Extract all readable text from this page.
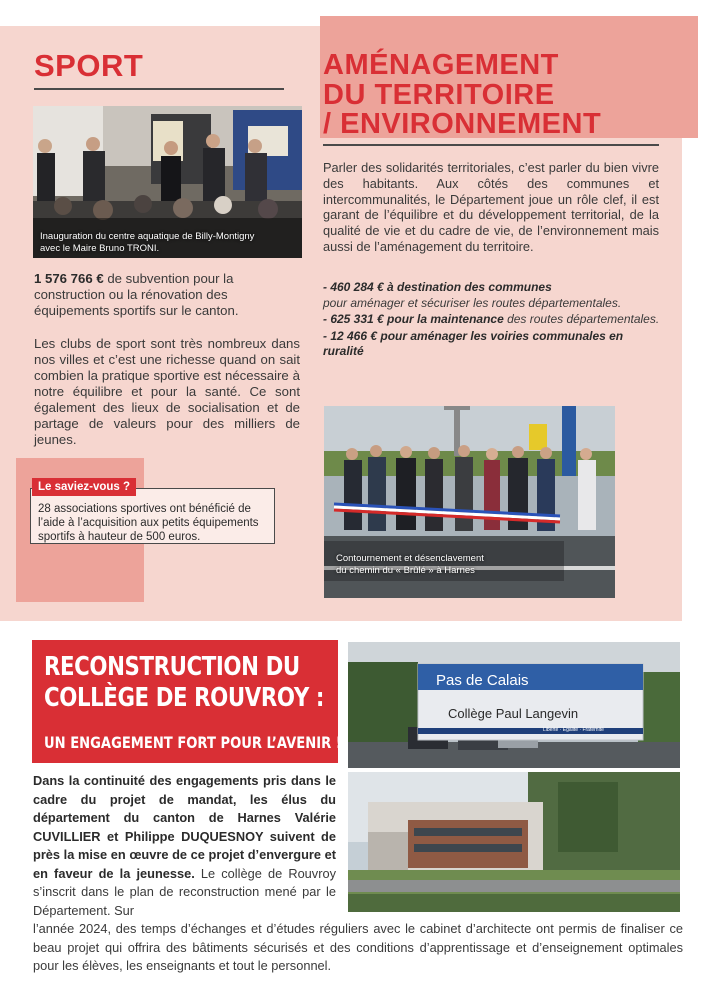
SPORT
Inauguration du centre aquatique de Billy-Montigny
avec le Maire Bruno TRONI.

1 576 766 € de subvention pour la construction ou la rénovation des équipements sportifs sur le canton.

Les clubs de sport sont très nombreux dans nos villes et c’est une richesse quand on sait combien la pratique sportive est nécessaire à notre équilibre et pour la santé. Ce sont également des lieux de socialisation et de partage de valeurs pour des milliers de jeunes.

Le saviez-vous ?
28 associations sportives ont bénéficié de l’aide à l’acquisition aux petits équipements sportifs à hauteur de 500 euros.
AMÉNAGEMENT
DU TERRITOIRE
/ ENVIRONNEMENT

Parler des solidarités territoriales, c’est parler du bien vivre des habitants. Aux côtés des communes et intercommunalités, le Département joue un rôle clef, il est garant de l’équilibre et du développement territorial, de la qualité de vie et du cadre de vie, de l’environnement mais aussi de l’aménagement du territoire.

- 460 284 € à destination des communes
pour aménager et sécuriser les routes départementales.
- 625 331 € pour la maintenance des routes départementales.
- 12 466 € pour aménager les voiries communales en ruralité
Contournement et désenclavement
du chemin du « Brûlé » à Harnes
RECONSTRUCTION DU
COLLÈGE DE ROUVROY :
UN ENGAGEMENT FORT POUR L’AVENIR !
Pas de Calais
Collège Paul Langevin
Liberté · Égalité · Fraternité

Dans la continuité des engagements pris dans le cadre du projet de mandat, les élus du département du canton de Harnes Valérie CUVILLIER et Philippe DUQUESNOY suivent de près la mise en œuvre de ce projet d’envergure et en faveur de la jeunesse. Le collège de Rouvroy s’inscrit dans le plan de reconstruction mené par le Département. Sur

l’année 2024, des temps d’échanges et d’études réguliers avec le cabinet d’architecte ont permis de finaliser ce beau projet qui offrira des bâtiments sécurisés et des conditions d’apprentissage et d’enseignement optimales pour les élèves, les enseignants et tout le personnel.
